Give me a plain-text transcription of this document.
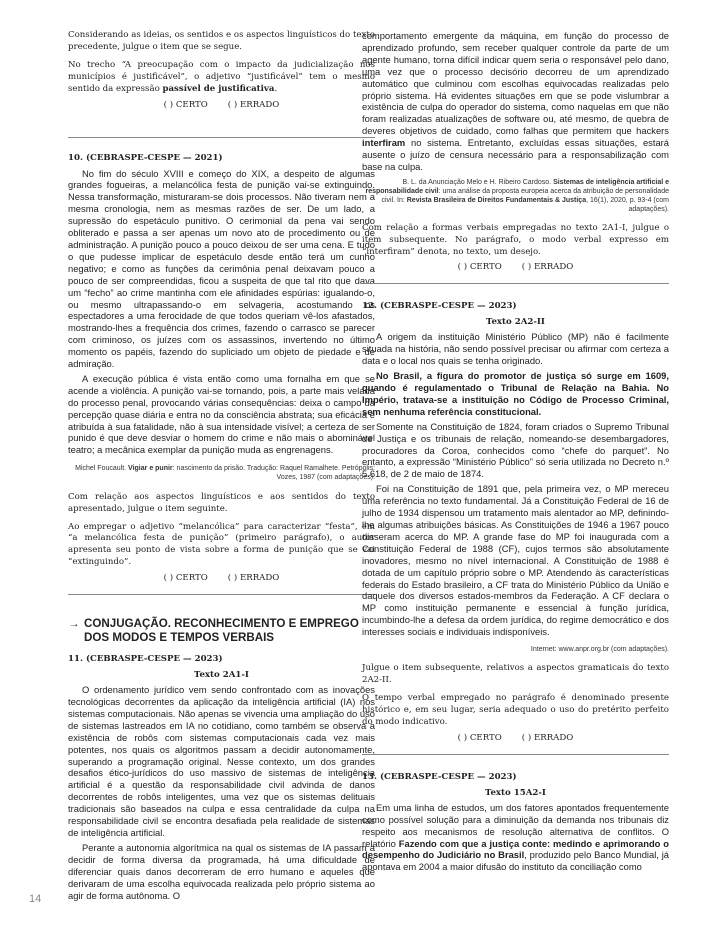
Considerando as ideias, os sentidos e os aspectos linguísticos do texto precedente, julgue o item que se segue.

No trecho “A preocupação com o impacto da judicialização nos municípios é justificável”, o adjetivo “justificável” tem o mesmo sentido da expressão passível de justificativa.

( ) CERTO ( ) ERRADO
10. (CEBRASPE-CESPE — 2021)

No fim do século XVIII e começo do XIX, a despeito de algumas grandes fogueiras, a melancólica festa de punição vai-se extinguindo. Nessa transformação, misturaram-se dois processos. Não tiveram nem a mesma cronologia, nem as mesmas razões de ser. De um lado, a supressão do espetáculo punitivo. O cerimonial da pena vai sendo obliterado e passa a ser apenas um novo ato de procedimento ou de administração. A punição pouco a pouco deixou de ser uma cena. E tudo o que pudesse implicar de espetáculo desde então terá um cunho negativo; e como as funções da cerimônia penal deixavam pouco a pouco de ser compreendidas, ficou a suspeita de que tal rito que dava um “fecho” ao crime mantinha com ele afinidades espúrias: igualando-o, ou mesmo ultrapassando-o em selvageria, acostumando os espectadores a uma ferocidade de que todos queriam vê-los afastados, mostrando-lhes a frequência dos crimes, fazendo o carrasco se parecer com criminoso, os juízes com os assassinos, invertendo no último momento os papéis, fazendo do supliciado um objeto de piedade e de admiração.

A execução pública é vista então como uma fornalha em que se acende a violência. A punição vai-se tornando, pois, a parte mais velada do processo penal, provocando várias consequências: deixa o campo da percepção quase diária e entra no da consciência abstrata; sua eficácia é atribuída à sua fatalidade, não à sua intensidade visível; a certeza de ser punido é que deve desviar o homem do crime e não mais o abominável teatro; a mecânica exemplar da punição muda as engrenagens.

Michel Foucault. Vigiar e punir: nascimento da prisão. Tradução: Raquel Ramalhete. Petrópolis: Vozes, 1987 (com adaptações).

Com relação aos aspectos linguísticos e aos sentidos do texto apresentado, julgue o item seguinte.

Ao empregar o adjetivo “melancólica” para caracterizar “festa”, em “a melancólica festa de punição” (primeiro parágrafo), o autor apresenta seu ponto de vista sobre a forma de punição que se vai “extinguindo”.

( ) CERTO ( ) ERRADO
→ CONJUGAÇÃO. RECONHECIMENTO E EMPREGO DOS MODOS E TEMPOS VERBAIS
11. (CEBRASPE-CESPE — 2023)
Texto 2A1-I

O ordenamento jurídico vem sendo confrontado com as inovações tecnológicas decorrentes da aplicação da inteligência artificial (IA) nos sistemas computacionais. Não apenas se vivencia uma ampliação do uso de sistemas lastreados em IA no cotidiano, como também se observa a existência de robôs com sistemas computacionais cada vez mais potentes, nos quais os algoritmos passam a decidir autonomamente, superando a programação original. Nesse contexto, um dos grandes desafios ético-jurídicos do uso massivo de sistemas de inteligência artificial é a questão da responsabilidade civil advinda de danos decorrentes de robôs inteligentes, uma vez que os sistemas delituais tradicionais são baseados na culpa e essa centralidade da culpa na responsabilidade civil se encontra desafiada pela realidade de sistemas de inteligência artificial.

Perante a autonomia algorítmica na qual os sistemas de IA passam a decidir de forma diversa da programada, há uma dificuldade de diferenciar quais danos decorreram de erro humano e aqueles que derivaram de uma escolha equivocada realizada pelo próprio sistema ao agir de forma autônoma. O

comportamento emergente da máquina, em função do processo de aprendizado profundo, sem receber qualquer controle da parte de um agente humano, torna difícil indicar quem seria o responsável pelo dano, uma vez que o processo decisório decorreu de um aprendizado automático que culminou com escolhas equivocadas realizadas pelo próprio sistema. Há evidentes situações em que se pode vislumbrar a existência de culpa do operador do sistema, como naquelas em que não foram realizadas atualizações de software ou, até mesmo, de quebra de deveres objetivos de cuidado, como falhas que permitem que hackers interfiram no sistema. Entretanto, excluídas essas situações, estará ausente o juízo de censura necessário para a responsabilização com base na culpa.

B. L. da Anunciação Melo e H. Ribeiro Cardoso. Sistemas de inteligência artificial e responsabilidade civil: uma análise da proposta europeia acerca da atribuição de personalidade civil. In: Revista Brasileira de Direitos Fundamentais & Justiça, 16(1), 2020, p. 93-4 (com adaptações).

Com relação a formas verbais empregadas no texto 2A1-I, julgue o item subsequente. No parágrafo, o modo verbal expresso em “interfiram” denota, no texto, um desejo.

( ) CERTO ( ) ERRADO
12. (CEBRASPE-CESPE — 2023)
Texto 2A2-II

A origem da instituição Ministério Público (MP) não é facilmente situada na história, não sendo possível precisar ou afirmar com certeza a data e o local nos quais se tenha originado.

No Brasil, a figura do promotor de justiça só surge em 1609, quando é regulamentado o Tribunal de Relação na Bahia. No Império, tratava-se a instituição no Código de Processo Criminal, sem nenhuma referência constitucional.

Somente na Constituição de 1824, foram criados o Supremo Tribunal de Justiça e os tribunais de relação, nomeando-se desembargadores, procuradores da Coroa, conhecidos como “chefe do parquet”. No entanto, a expressão “Ministério Público” só seria utilizada no Decreto n.º 5.618, de 2 de maio de 1874.

Foi na Constituição de 1891 que, pela primeira vez, o MP mereceu uma referência no texto fundamental. Já a Constituição Federal de 16 de julho de 1934 dispensou um tratamento mais alentador ao MP, definindo-lhe algumas atribuições básicas. As Constituições de 1946 a 1967 pouco disseram acerca do MP. A grande fase do MP foi inaugurada com a Constituição Federal de 1988 (CF), cujos termos são absolutamente inovadores, mesmo no nível internacional. A Constituição de 1988 é dotada de um capítulo próprio sobre o MP. Atendendo às características federais do Estado brasileiro, a CF trata do Ministério Público da União e daquele dos diversos estados-membros da Federação. A CF declara o MP como instituição permanente e essencial à função jurídica, incumbindo-lhe a defesa da ordem jurídica, do regime democrático e dos interesses sociais e individuais indisponíveis.

Internet: www.anpr.org.br (com adaptações).

Julgue o item subsequente, relativos a aspectos gramaticais do texto 2A2-II.

O tempo verbal empregado no parágrafo é denominado presente histórico e, em seu lugar, seria adequado o uso do pretérito perfeito do modo indicativo.

( ) CERTO ( ) ERRADO
13. (CEBRASPE-CESPE — 2023)
Texto 15A2-I

Em uma linha de estudos, um dos fatores apontados frequentemente como possível solução para a diminuição da demanda nos tribunais diz respeito aos mecanismos de resolução alternativa de conflitos. O relatório Fazendo com que a justiça conte: medindo e aprimorando o desempenho do Judiciário no Brasil, produzido pelo Banco Mundial, já apontava em 2004 a maior difusão do instituto da conciliação como

14
